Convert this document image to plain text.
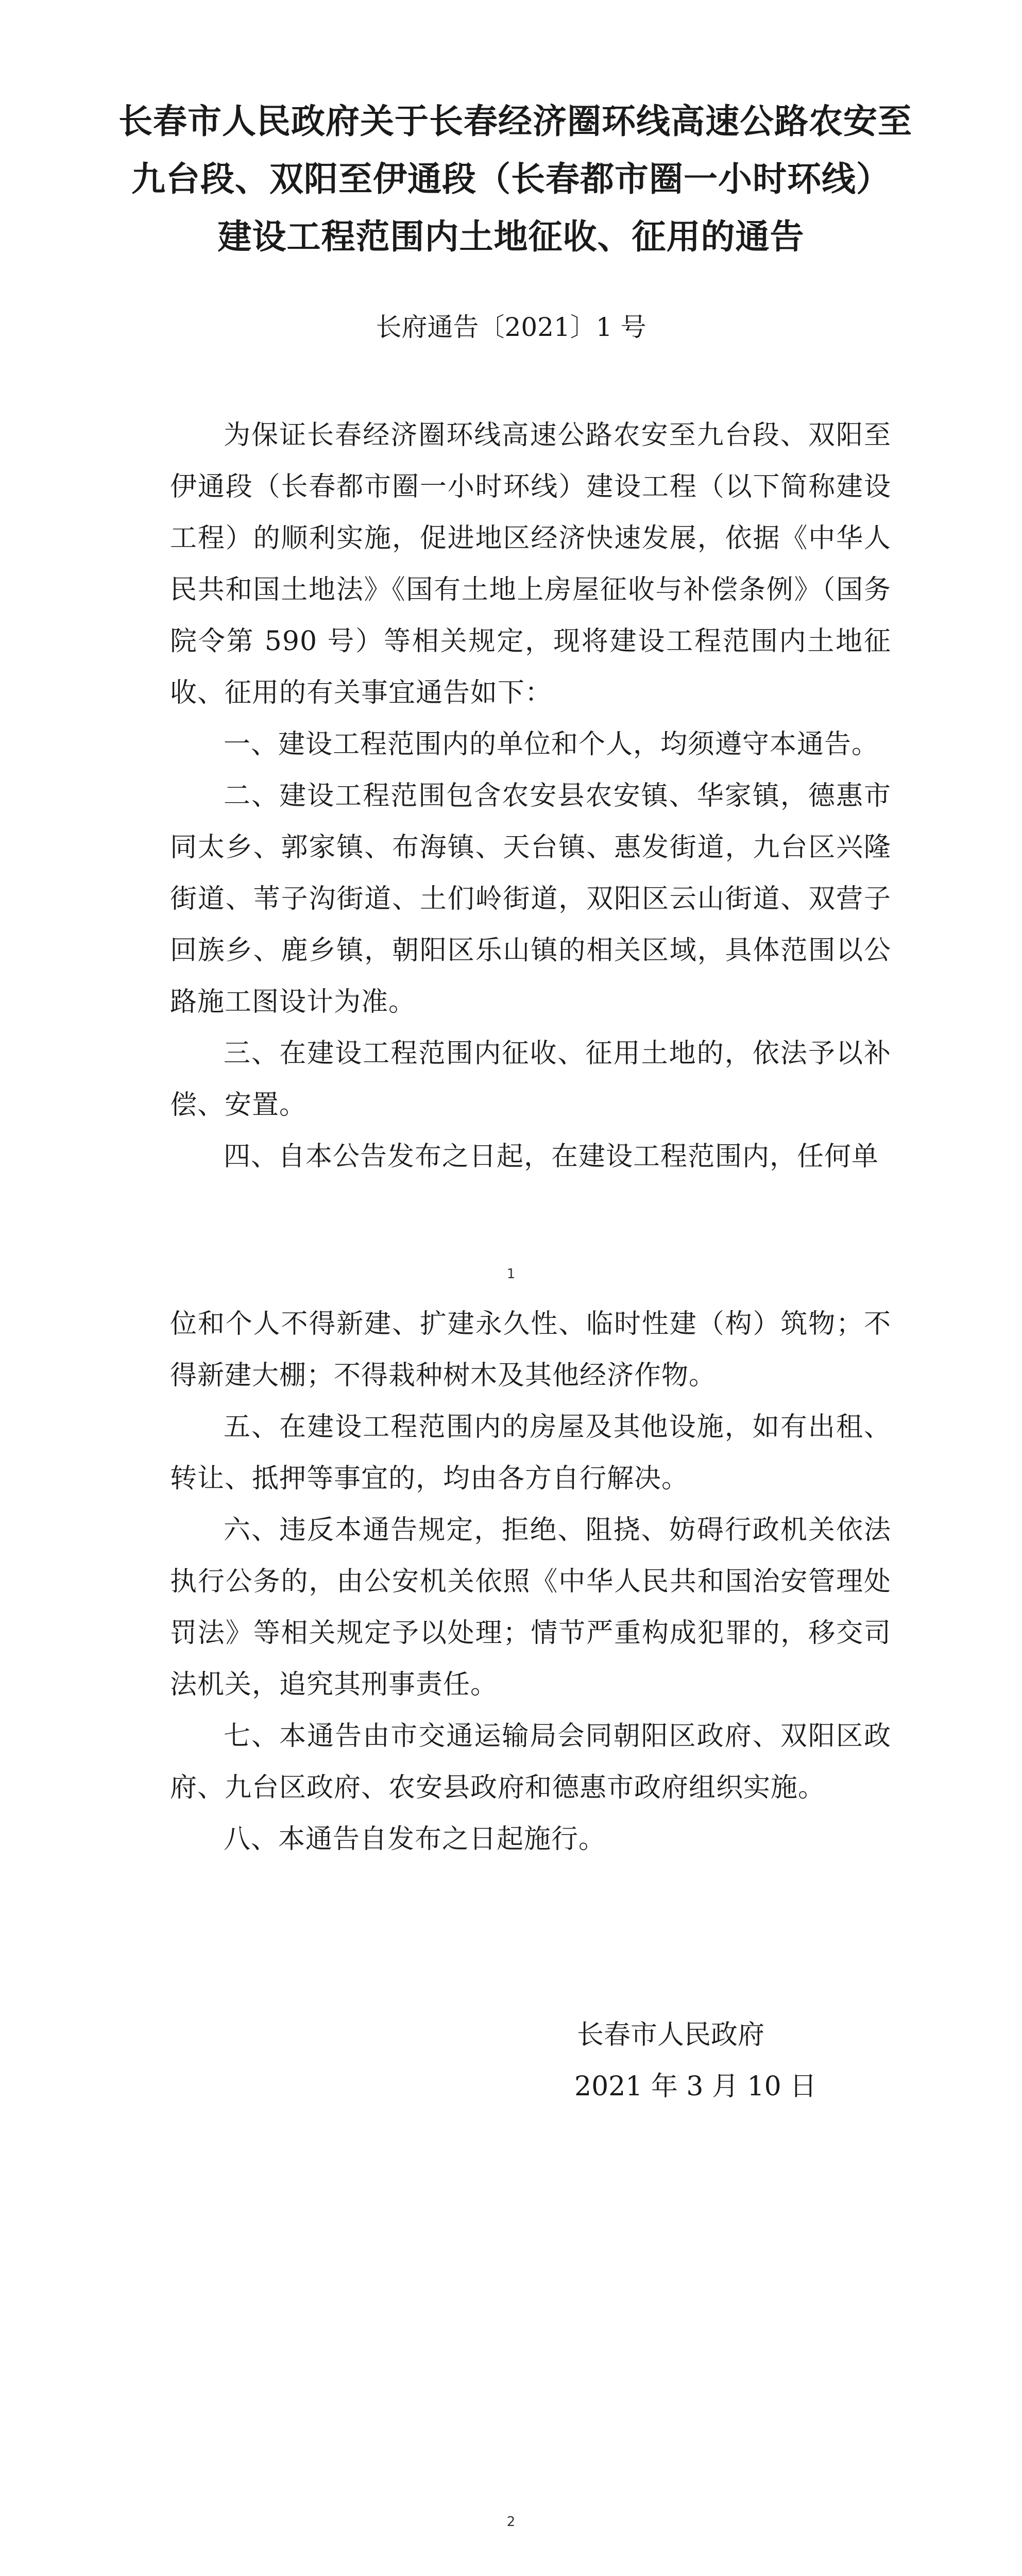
长春市人民政府关于长春经济圈环线高速公路农安至
九台段、双阳至伊通段（长春都市圈一小时环线）
建设工程范围内土地征收、征用的通告
长府通告〔2021〕1 号

为保证长春经济圈环线高速公路农安至九台段、双阳至伊通段（长春都市圈一小时环线）建设工程（以下简称建设工程）的顺利实施，促进地区经济快速发展，依据《中华人民共和国土地法》《国有土地上房屋征收与补偿条例》（国务院令第 590 号）等相关规定，现将建设工程范围内土地征收、征用的有关事宜通告如下：

一、建设工程范围内的单位和个人，均须遵守本通告。

二、建设工程范围包含农安县农安镇、华家镇，德惠市同太乡、郭家镇、布海镇、天台镇、惠发街道，九台区兴隆街道、苇子沟街道、土们岭街道，双阳区云山街道、双营子回族乡、鹿乡镇，朝阳区乐山镇的相关区域，具体范围以公路施工图设计为准。

三、在建设工程范围内征收、征用土地的，依法予以补偿、安置。

四、自本公告发布之日起，在建设工程范围内，任何单

1

位和个人不得新建、扩建永久性、临时性建（构）筑物；不得新建大棚；不得栽种树木及其他经济作物。

五、在建设工程范围内的房屋及其他设施，如有出租、转让、抵押等事宜的，均由各方自行解决。

六、违反本通告规定，拒绝、阻挠、妨碍行政机关依法执行公务的，由公安机关依照《中华人民共和国治安管理处罚法》等相关规定予以处理；情节严重构成犯罪的，移交司法机关，追究其刑事责任。

七、本通告由市交通运输局会同朝阳区政府、双阳区政府、九台区政府、农安县政府和德惠市政府组织实施。

八、本通告自发布之日起施行。

长春市人民政府
2021 年 3 月 10 日
2
